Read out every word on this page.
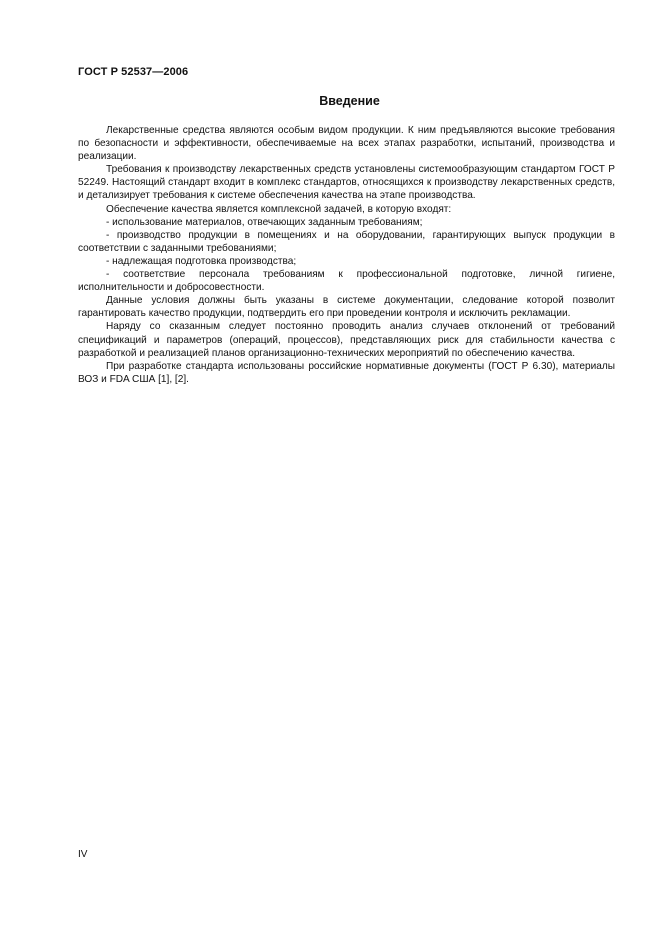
ГОСТ Р 52537—2006
Введение

Лекарственные средства являются особым видом продукции. К ним предъявляются высокие требования по безопасности и эффективности, обеспечиваемые на всех этапах разработки, испытаний, производства и реализации.

Требования к производству лекарственных средств установлены системообразующим стандартом ГОСТ Р 52249. Настоящий стандарт входит в комплекс стандартов, относящихся к производству лекарственных средств, и детализирует требования к системе обеспечения качества на этапе производства.

Обеспечение качества является комплексной задачей, в которую входят:

- использование материалов, отвечающих заданным требованиям;

- производство продукции в помещениях и на оборудовании, гарантирующих выпуск продукции в соответствии с заданными требованиями;

- надлежащая подготовка производства;

- соответствие персонала требованиям к профессиональной подготовке, личной гигиене, исполнительности и добросовестности.

Данные условия должны быть указаны в системе документации, следование которой позволит гарантировать качество продукции, подтвердить его при проведении контроля и исключить рекламации.

Наряду со сказанным следует постоянно проводить анализ случаев отклонений от требований спецификаций и параметров (операций, процессов), представляющих риск для стабильности качества с разработкой и реализацией планов организационно-технических мероприятий по обеспечению качества.

При разработке стандарта использованы российские нормативные документы (ГОСТ Р 6.30), материалы ВОЗ и FDA США [1], [2].

IV
